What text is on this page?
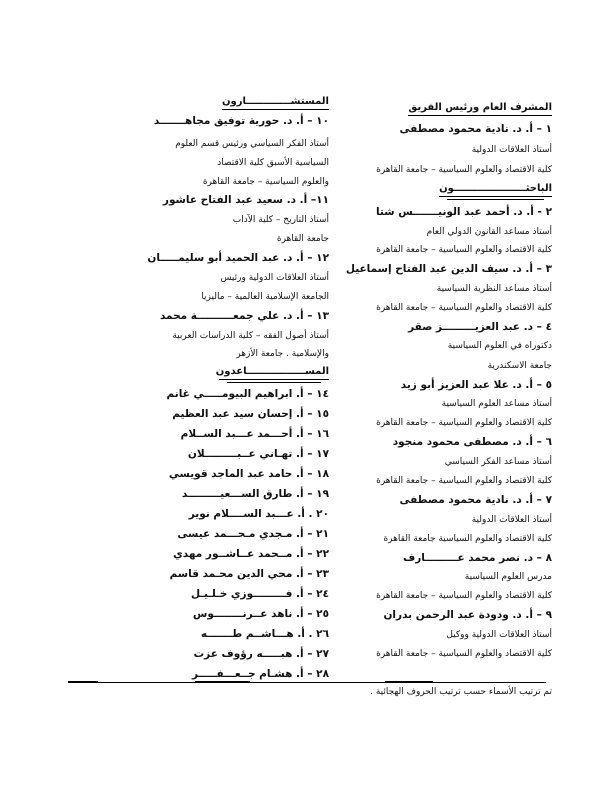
المشرف العام ورئيس الفريق
١ – أ. د. نادية محمود مصطفى
أستاذ العلاقات الدولية
كلية الاقتصاد والعلوم السياسية – جامعة القاهرة
الباحثـــــــــــــــــــــون
٢ - أ. د. أحمد عبد الونيـــــــس شتا
أستاذ مساعد القانون الدولي العام
كلية الاقتصاد والعلوم السياسية – جامعة القاهرة
٣ – أ. د. سيف الدين عبد الفتاح إسماعيل
أستاذ مساعد النظرية السياسية
كلية الاقتصاد والعلوم السياسية – جامعة القاهرة
٤ – د. عبد العزيـــــــــز صقر
دكتوراه في العلوم السياسية
جامعة الاسكندرية
٥ – أ. د. علا عبد العزيز أبو زيد
أستاذ مساعد العلوم السياسية
كلية الاقتصاد والعلوم السياسية – جامعة القاهرة
٦ – أ. د. مصطفى محمود منجود
أستاذ مساعد الفكر السياسي
كلية الاقتصاد والعلوم السياسية – جامعة القاهرة
٧ – أ. د. نادية محمود مصطفى
أستاذ العلاقات الدولية
كلية الاقتصاد والعلوم السياسية جامعة القاهرة
٨ – د. نصر محمد عـــــــــارف
مدرس العلوم السياسية
كلية الاقتصاد والعلوم السياسية – جامعة القاهرة
٩ – أ. د. ودودة عبد الرحمن بدران
أستاذ العلاقات الدولية ووكيل
كلية الاقتصاد والعلوم السياسية – جامعة القاهرة
المستشـــــــــــــارون
١٠ – أ. د. حورية توفيق مجاهـــــــد
أستاذ الفكر السياسي ورئيس قسم العلوم
السياسية الأسبق كلية الاقتصاد
والعلوم السياسية – جامعة القاهرة
١١– أ. د. سعيد عبد الفتاح عاشور
أستاذ التاريخ – كلية الآداب
جامعة القاهرة
١٢ – أ. د. عبد الحميد أبو سليمـــــان
أستاذ العلاقات الدولية ورئيس
الجامعة الإسلامية العالمية – ماليزيا
١٣ – أ. د. علي جمعــــــــــة محمد
أستاذ أصول الفقه – كلية الدراسات العربية
والإسلامية . جامعة الأزهر
المســـــــــــــــــاعدون
١٤ – أ. ابراهيم البيومـــــي غانم
١٥ – أ. إحسان سيد عبد العظيم
١٦ – أ. أحـــمد عـــبد الســلام
١٧ – أ. تهـاني عــبـــــــــلان
١٨ – أ. حامد عبد الماجد قويسي
١٩ – أ. طارق الســـعيـــــــــد
٢٠ . أ. عـــبد الســــلام نوير
٢١ – أ. مـجدي مـحـــمد عيسى
٢٢ – أ. مــحمد عــاشــور مهدي
٢٣ – أ. محي الدين محـمد قاسم
٢٤ – أ. فـــــــــوزي خـلـيـل
٢٥ – أ. ناهد عــرنــــــــوس
٢٦ . أ. هـــاشــم طـــــــه
٢٧ – أ. هبـــــه رؤوف عزت
٢٨ – أ. هشـام جــعـــفـــــر
تم ترتيب الأسماء حسب ترتيب الحروف الهجائية .
